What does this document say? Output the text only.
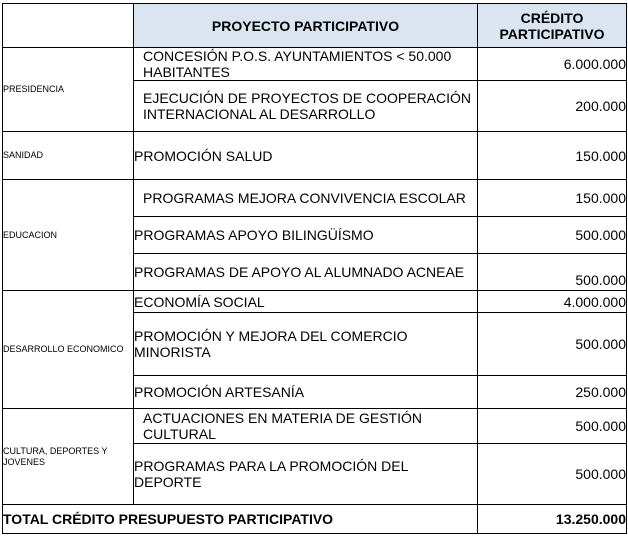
	PROYECTO PARTICIPATIVO	CRÉDITO PARTICIPATIVO
PRESIDENCIA	CONCESIÓN P.O.S. AYUNTAMIENTOS < 50.000 HABITANTES	6.000.000
	EJECUCIÓN DE PROYECTOS DE COOPERACIÓN INTERNACIONAL AL DESARROLLO	200.000
SANIDAD	PROMOCIÓN SALUD	150.000
EDUCACION	PROGRAMAS MEJORA CONVIVENCIA ESCOLAR	150.000
	PROGRAMAS APOYO BILINGÜÍSMO	500.000
	PROGRAMAS DE APOYO AL ALUMNADO ACNEAE	500.000
DESARROLLO ECONOMICO	ECONOMÍA SOCIAL	4.000.000
	PROMOCIÓN Y MEJORA DEL COMERCIO MINORISTA	500.000
	PROMOCIÓN ARTESANÍA	250.000
CULTURA, DEPORTES Y JOVENES	ACTUACIONES EN MATERIA DE GESTIÓN CULTURAL	500.000
	PROGRAMAS PARA LA PROMOCIÓN DEL DEPORTE	500.000
TOTAL CRÉDITO PRESUPUESTO PARTICIPATIVO		13.250.000
